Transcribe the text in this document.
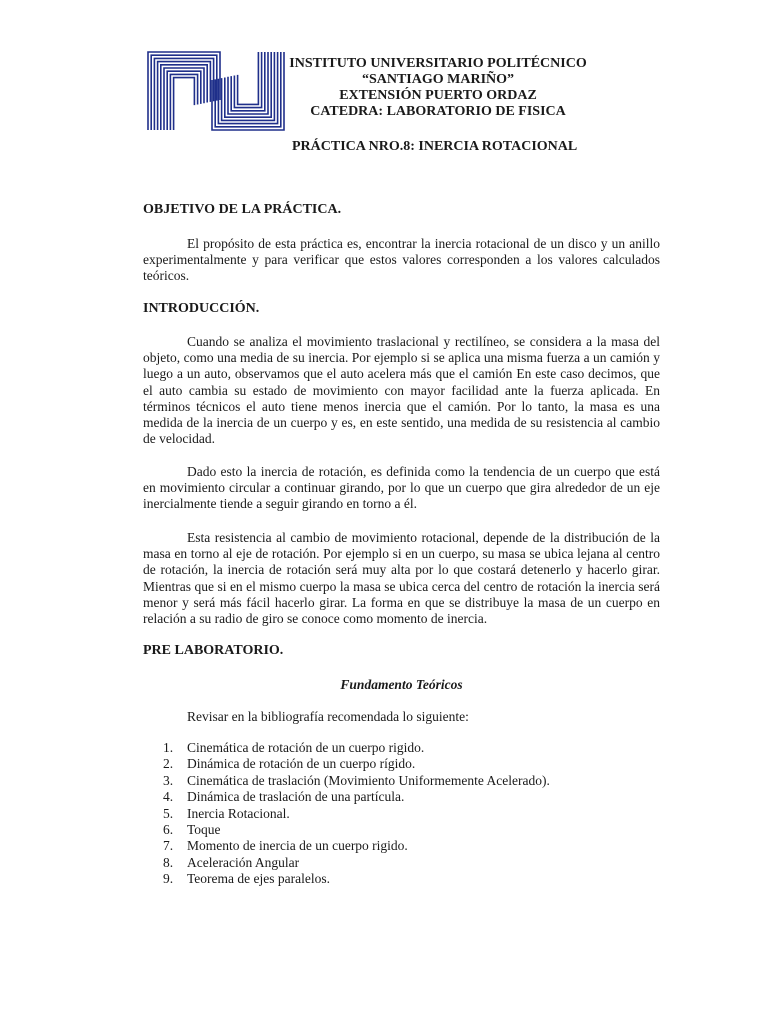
INSTITUTO UNIVERSITARIO POLITÉCNICO
“SANTIAGO MARIÑO”
EXTENSIÓN PUERTO ORDAZ
CATEDRA: LABORATORIO DE FISICA
PRÁCTICA NRO.8: INERCIA ROTACIONAL
OBJETIVO DE LA PRÁCTICA.

El propósito de esta práctica es, encontrar la inercia rotacional de un disco y un anillo experimentalmente y para verificar que estos valores corresponden a los valores calculados teóricos.

INTRODUCCIÓN.

Cuando se analiza el movimiento traslacional y rectilíneo, se considera a la masa del objeto, como una media de su inercia. Por ejemplo si se aplica una misma fuerza a un camión y luego a un auto, observamos que el auto acelera más que el camión En este caso decimos, que el auto cambia su estado de movimiento con mayor facilidad ante la fuerza aplicada. En términos técnicos el auto tiene menos inercia que el camión. Por lo tanto, la masa es una medida de la inercia de un cuerpo y es, en este sentido, una medida de su resistencia al cambio de velocidad.

Dado esto la inercia de rotación, es definida como la tendencia de un cuerpo que está en movimiento circular a continuar girando, por lo que un cuerpo que gira alrededor de un eje inercialmente tiende a seguir girando en torno a él.

Esta resistencia al cambio de movimiento rotacional, depende de la distribución de la masa en torno al eje de rotación. Por ejemplo si en un cuerpo, su masa se ubica lejana al centro de rotación, la inercia de rotación será muy alta por lo que costará detenerlo y hacerlo girar. Mientras que si en el mismo cuerpo la masa se ubica cerca del centro de rotación la inercia será menor y será más fácil hacerlo girar. La forma en que se distribuye la masa de un cuerpo en relación a su radio de giro se conoce como momento de inercia.

PRE LABORATORIO.
Fundamento Teóricos
Revisar en la bibliografía recomendada lo siguiente:
1. Cinemática de rotación de un cuerpo rigido.
2. Dinámica de rotación de un cuerpo rígido.
3. Cinemática de traslación (Movimiento Uniformemente Acelerado).
4. Dinámica de traslación de una partícula.
5. Inercia Rotacional.
6. Toque
7. Momento de inercia de un cuerpo rigido.
8. Aceleración Angular
9. Teorema de ejes paralelos.
